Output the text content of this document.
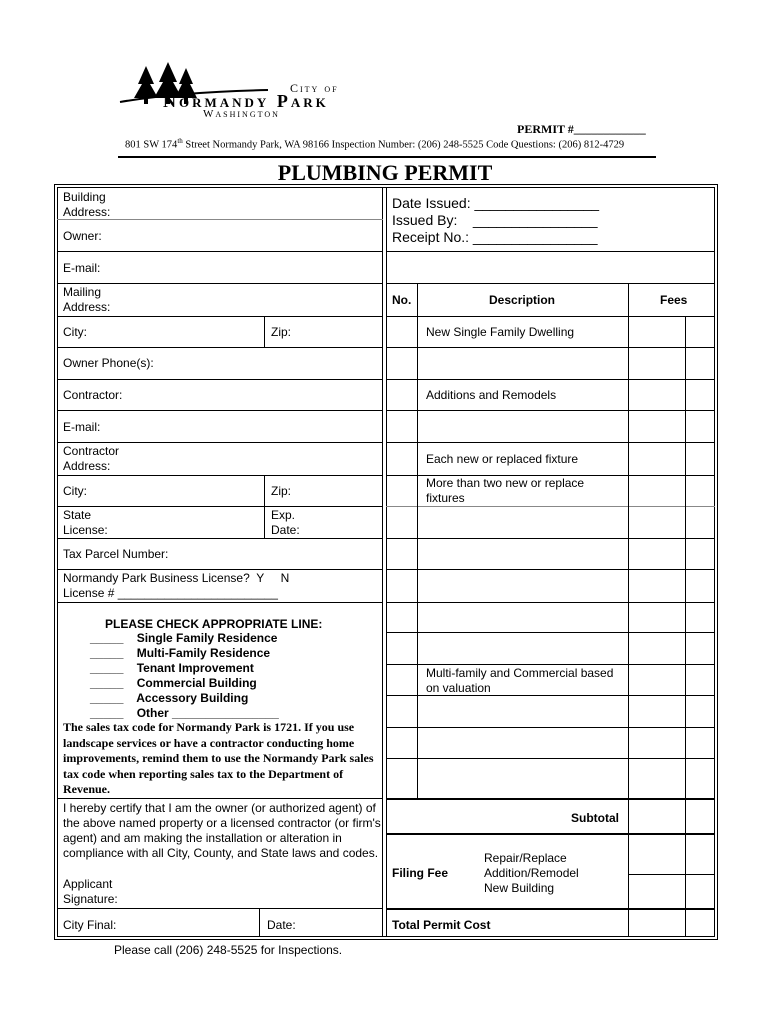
City of
Normandy Park
Washington
PERMIT #____________
801 SW 174th Street Normandy Park, WA 98166 Inspection Number: (206) 248-5525 Code Questions: (206) 812-4729
PLUMBING PERMIT
Building
Address:
Owner:
E-mail:
Mailing
Address:
City:	Zip:
Owner Phone(s):
Contractor:
E-mail:
Contractor
Address:
City:	Zip:
State
License:
Exp.
Date:
Tax Parcel Number:
Normandy Park Business License?  Y     N
License # ________________________
PLEASE CHECK APPROPRIATE LINE:
_____ Single Family Residence
_____ Multi-Family Residence
_____ Tenant Improvement
_____ Commercial Building
_____ Accessory Building
_____ Other ________________
The sales tax code for Normandy Park is 1721. If you use landscape services or have a contractor conducting home improvements, remind them to use the Normandy Park sales tax code when reporting sales tax to the Department of Revenue.
I hereby certify that I am the owner (or authorized agent) of the above named property or a licensed contractor (or firm's agent) and am making the installation or alteration in compliance with all City, County, and State laws and codes.
Applicant
Signature:
City Final:	Date:
Date Issued: ________________
Issued By:    ________________
Receipt No.: ________________
No.	Description	Fees
New Single Family Dwelling
Additions and Remodels
Each new or replaced fixture
More than two new or replace fixtures
Multi-family and Commercial based on valuation
Subtotal
Filing Fee
Repair/Replace
Addition/Remodel
New Building
Total Permit Cost
Please call (206) 248-5525 for Inspections.
